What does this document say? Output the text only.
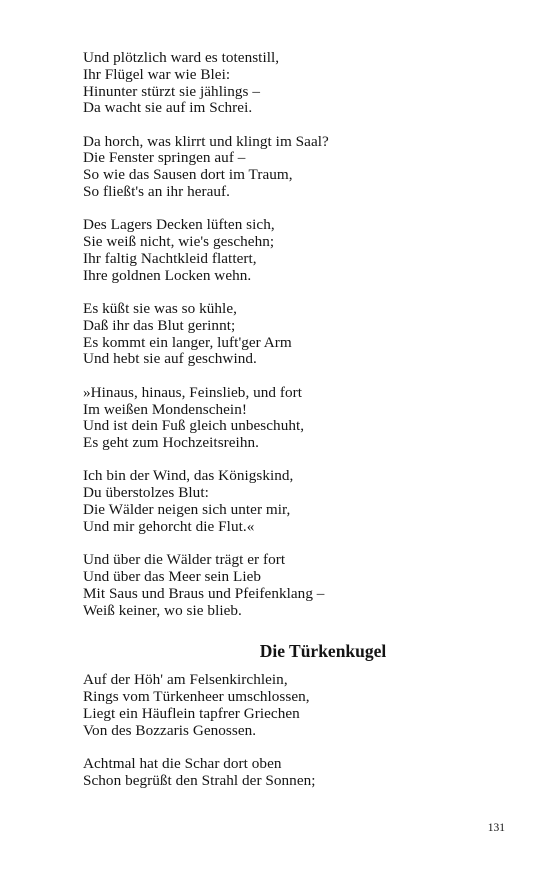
Und plötzlich ward es totenstill,
Ihr Flügel war wie Blei:
Hinunter stürzt sie jählings –
Da wacht sie auf im Schrei.
Da horch, was klirrt und klingt im Saal?
Die Fenster springen auf –
So wie das Sausen dort im Traum,
So fließt's an ihr herauf.
Des Lagers Decken lüften sich,
Sie weiß nicht, wie's geschehn;
Ihr faltig Nachtkleid flattert,
Ihre goldnen Locken wehn.
Es küßt sie was so kühle,
Daß ihr das Blut gerinnt;
Es kommt ein langer, luft'ger Arm
Und hebt sie auf geschwind.
»Hinaus, hinaus, Feinslieb, und fort
Im weißen Mondenschein!
Und ist dein Fuß gleich unbeschuht,
Es geht zum Hochzeitsreihn.
Ich bin der Wind, das Königskind,
Du überstolzes Blut:
Die Wälder neigen sich unter mir,
Und mir gehorcht die Flut.«
Und über die Wälder trägt er fort
Und über das Meer sein Lieb
Mit Saus und Braus und Pfeifenklang –
Weiß keiner, wo sie blieb.
Die Türkenkugel
Auf der Höh' am Felsenkirchlein,
Rings vom Türkenheer umschlossen,
Liegt ein Häuflein tapfrer Griechen
Von des Bozzaris Genossen.
Achtmal hat die Schar dort oben
Schon begrüßt den Strahl der Sonnen;
131
